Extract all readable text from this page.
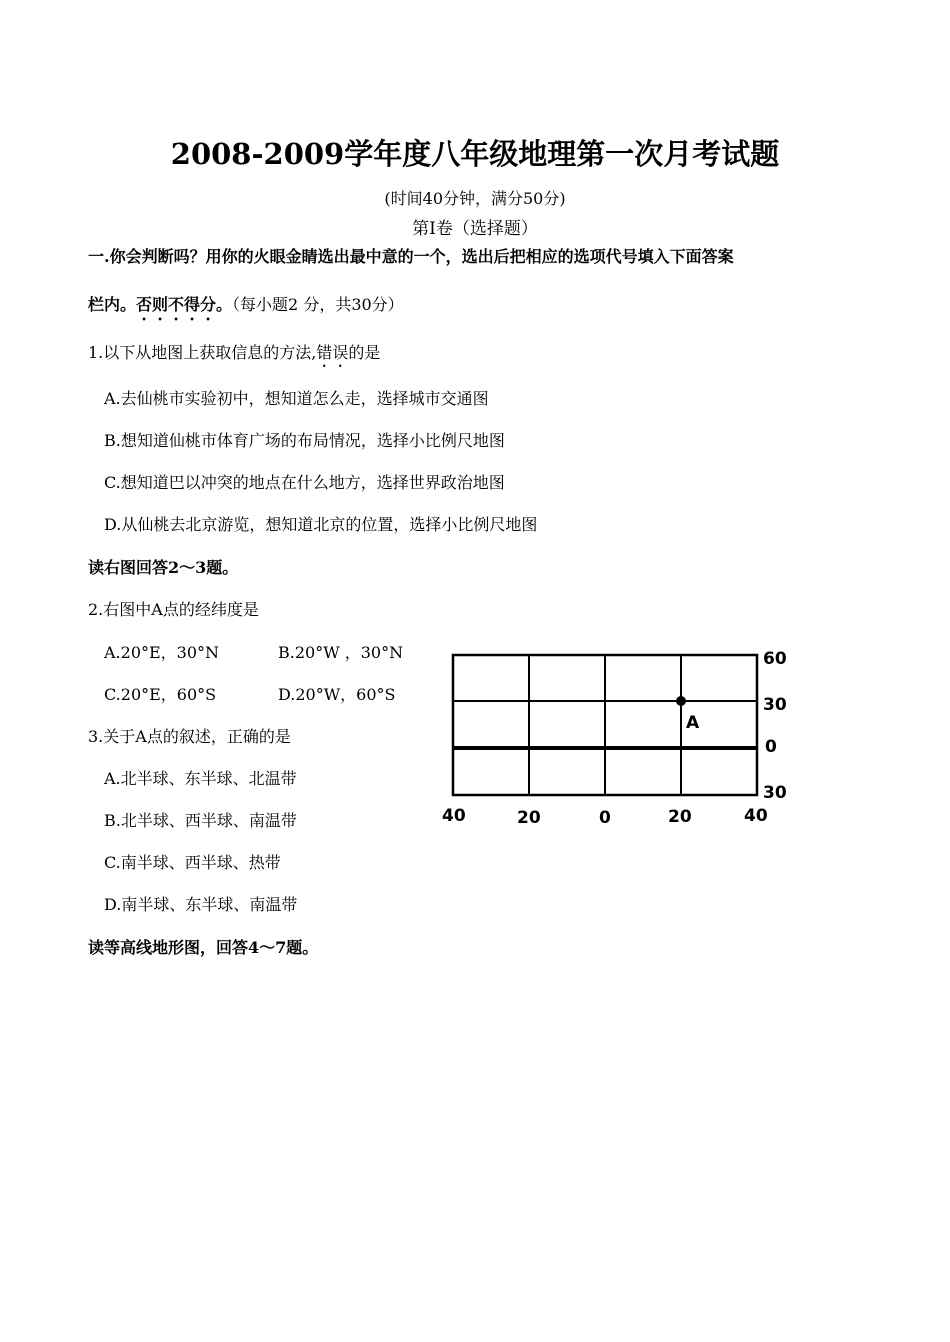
2008-2009学年度八年级地理第一次月考试题
(时间40分钟，满分50分)
第Ⅰ卷（选择题）
一.你会判断吗？用你的火眼金睛选出最中意的一个，选出后把相应的选项代号填入下面答案
栏内。否则不得分。（每小题2 分，共30分）
1.以下从地图上获取信息的方法,错误的是
A.去仙桃市实验初中，想知道怎么走，选择城市交通图
B.想知道仙桃市体育广场的布局情况，选择小比例尺地图
C.想知道巴以冲突的地点在什么地方，选择世界政治地图
D.从仙桃去北京游览，想知道北京的位置，选择小比例尺地图
读右图回答2～3题。
2.右图中A点的经纬度是
A.20°E，30°N	B.20°W ，30°N
C.20°E，60°S	D.20°W，60°S
3.关于A点的叙述，正确的是
A.北半球、东半球、北温带
B.北半球、西半球、南温带
C.南半球、西半球、热带
D.南半球、东半球、南温带
读等高线地形图，回答4～7题。
A
60
30
0
30
40	20	0	20	40
